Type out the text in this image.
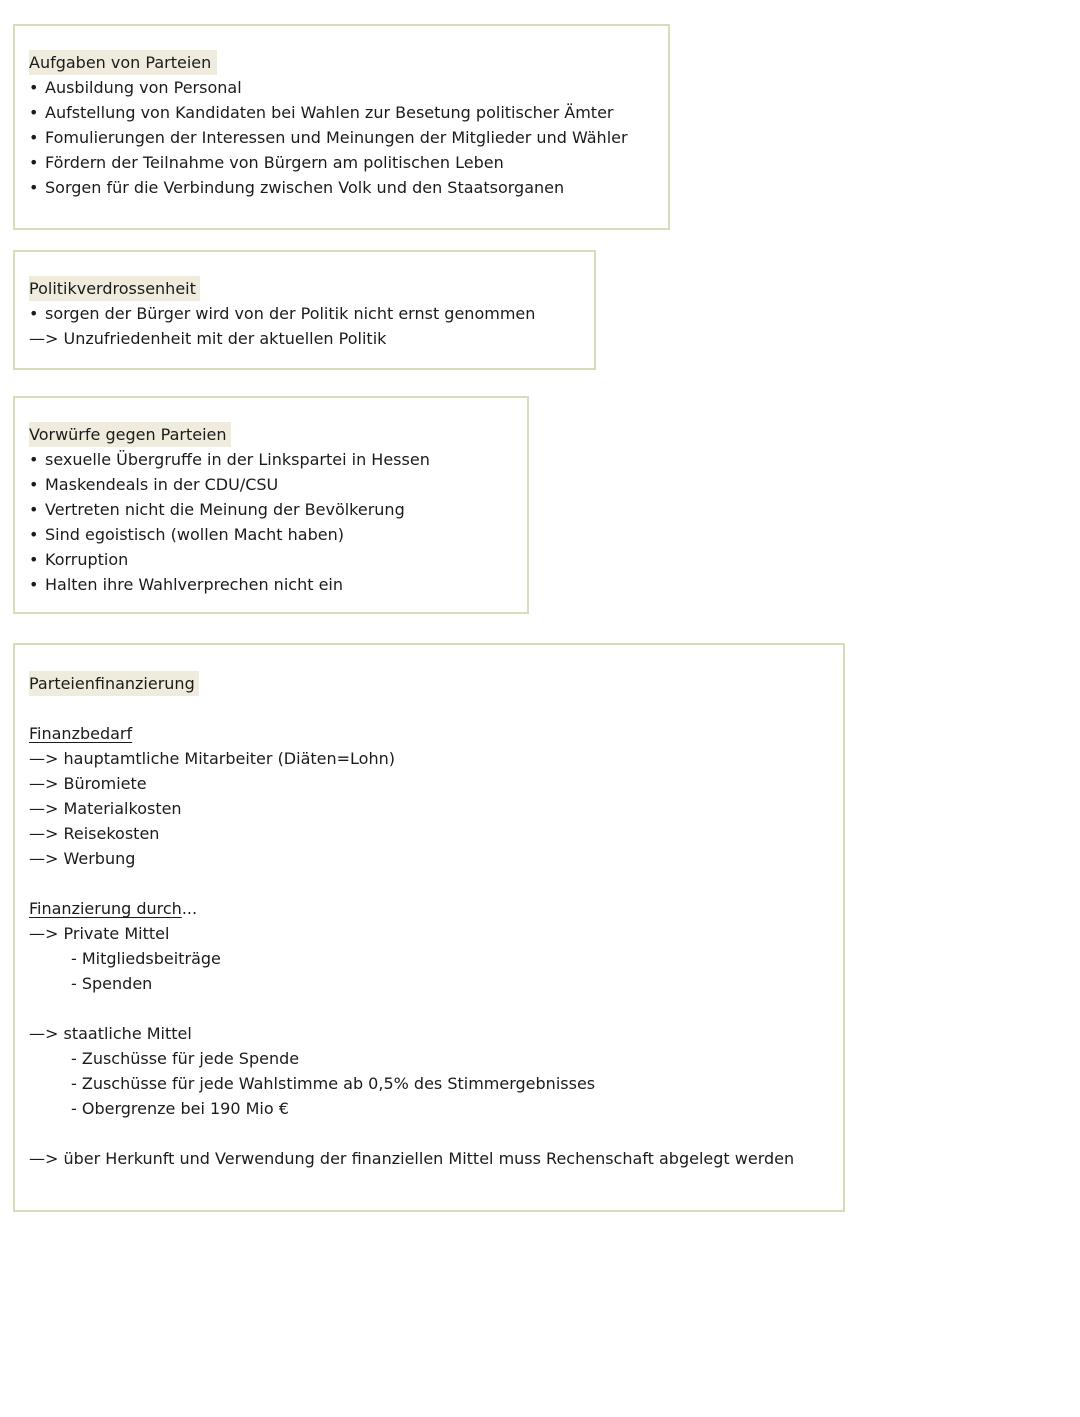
Aufgaben von Parteien
• Ausbildung von Personal
• Aufstellung von Kandidaten bei Wahlen zur Besetung politischer Ämter
• Fomulierungen der Interessen und Meinungen der Mitglieder und Wähler
• Fördern der Teilnahme von Bürgern am politischen Leben
• Sorgen für die Verbindung zwischen Volk und den Staatsorganen
Politikverdrossenheit
• sorgen der Bürger wird von der Politik nicht ernst genommen
—> Unzufriedenheit mit der aktuellen Politik
Vorwürfe gegen Parteien
• sexuelle Übergruffe in der Linkspartei in Hessen
• Maskendeals in der CDU/CSU
• Vertreten nicht die Meinung der Bevölkerung
• Sind egoistisch (wollen Macht haben)
• Korruption
• Halten ihre Wahlverprechen nicht ein
Parteienfinanzierung
Finanzbedarf
—> hauptamtliche Mitarbeiter (Diäten=Lohn)
—> Büromiete
—> Materialkosten
—> Reisekosten
—> Werbung
Finanzierung durch...
—> Private Mittel
- Mitgliedsbeiträge
- Spenden
—> staatliche Mittel
- Zuschüsse für jede Spende
- Zuschüsse für jede Wahlstimme ab 0,5% des Stimmergebnisses
- Obergrenze bei 190 Mio €
—> über Herkunft und Verwendung der finanziellen Mittel muss Rechenschaft abgelegt werden
